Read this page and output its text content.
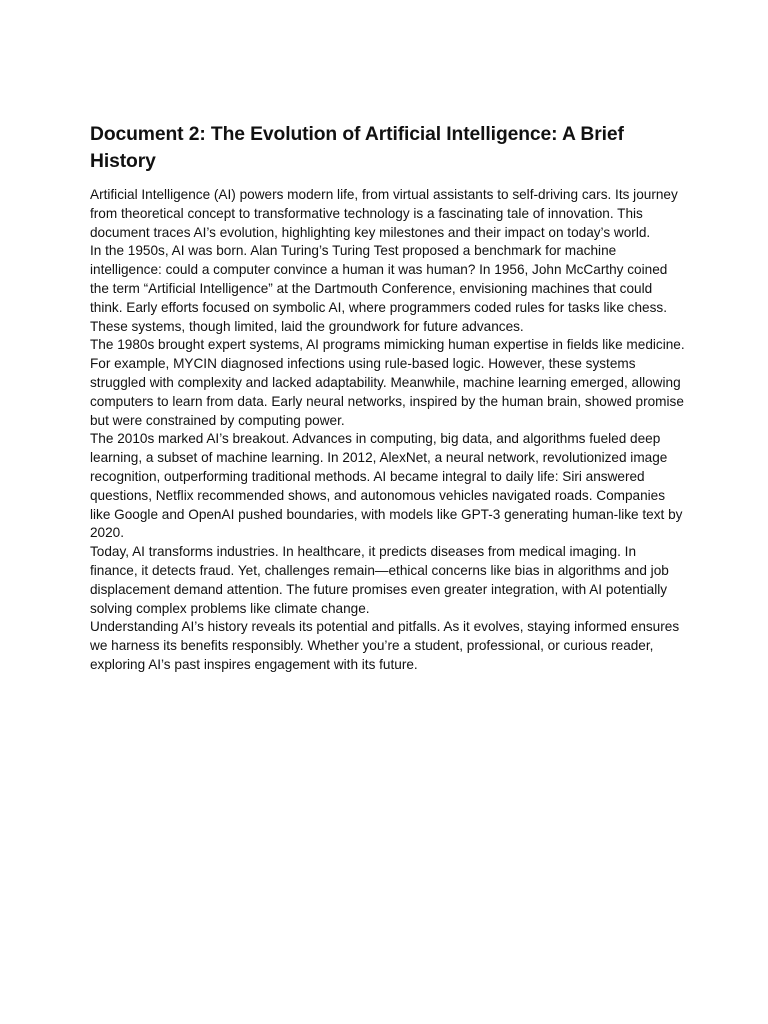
Document 2: The Evolution of Artificial Intelligence: A Brief History

Artificial Intelligence (AI) powers modern life, from virtual assistants to self-driving cars. Its journey from theoretical concept to transformative technology is a fascinating tale of innovation. This document traces AI’s evolution, highlighting key milestones and their impact on today’s world.

In the 1950s, AI was born. Alan Turing’s Turing Test proposed a benchmark for machine intelligence: could a computer convince a human it was human? In 1956, John McCarthy coined the term “Artificial Intelligence” at the Dartmouth Conference, envisioning machines that could think. Early efforts focused on symbolic AI, where programmers coded rules for tasks like chess. These systems, though limited, laid the groundwork for future advances.

The 1980s brought expert systems, AI programs mimicking human expertise in fields like medicine. For example, MYCIN diagnosed infections using rule-based logic. However, these systems struggled with complexity and lacked adaptability. Meanwhile, machine learning emerged, allowing computers to learn from data. Early neural networks, inspired by the human brain, showed promise but were constrained by computing power.

The 2010s marked AI’s breakout. Advances in computing, big data, and algorithms fueled deep learning, a subset of machine learning. In 2012, AlexNet, a neural network, revolutionized image recognition, outperforming traditional methods. AI became integral to daily life: Siri answered questions, Netflix recommended shows, and autonomous vehicles navigated roads. Companies like Google and OpenAI pushed boundaries, with models like GPT-3 generating human-like text by 2020.

Today, AI transforms industries. In healthcare, it predicts diseases from medical imaging. In finance, it detects fraud. Yet, challenges remain—ethical concerns like bias in algorithms and job displacement demand attention. The future promises even greater integration, with AI potentially solving complex problems like climate change.

Understanding AI’s history reveals its potential and pitfalls. As it evolves, staying informed ensures we harness its benefits responsibly. Whether you’re a student, professional, or curious reader, exploring AI’s past inspires engagement with its future.
